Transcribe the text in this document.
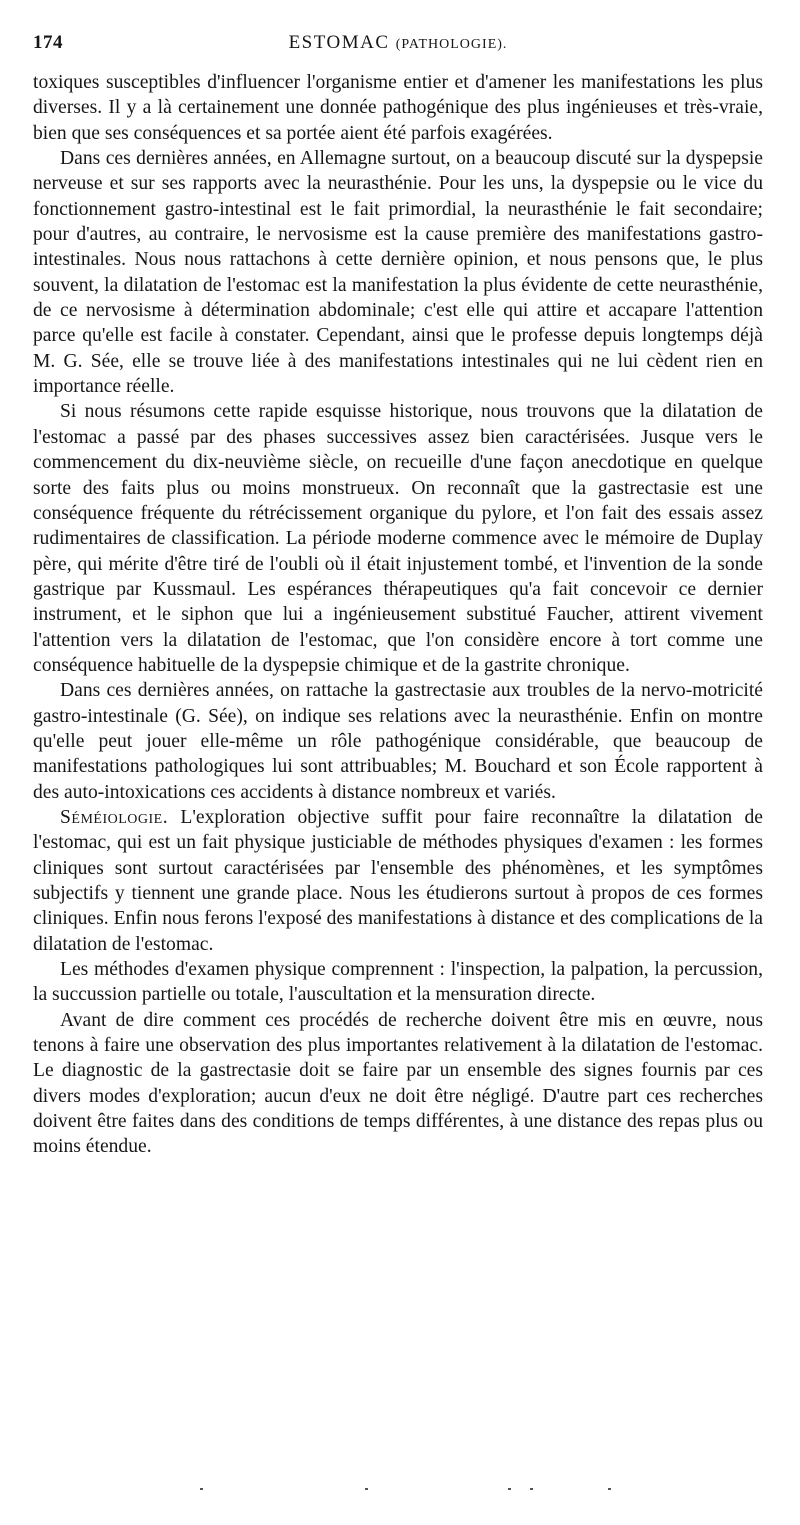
174	ESTOMAC (PATHOLOGIE).

toxiques susceptibles d'influencer l'organisme entier et d'amener les manifestations les plus diverses. Il y a là certainement une donnée pathogénique des plus ingénieuses et très-vraie, bien que ses conséquences et sa portée aient été parfois exagérées.

Dans ces dernières années, en Allemagne surtout, on a beaucoup discuté sur la dyspepsie nerveuse et sur ses rapports avec la neurasthénie. Pour les uns, la dyspepsie ou le vice du fonctionnement gastro-intestinal est le fait primordial, la neurasthénie le fait secondaire; pour d'autres, au contraire, le nervosisme est la cause première des manifestations gastro-intestinales. Nous nous rattachons à cette dernière opinion, et nous pensons que, le plus souvent, la dilatation de l'estomac est la manifestation la plus évidente de cette neurasthénie, de ce nervosisme à détermination abdominale; c'est elle qui attire et accapare l'attention parce qu'elle est facile à constater. Cependant, ainsi que le professe depuis longtemps déjà M. G. Sée, elle se trouve liée à des manifestations intestinales qui ne lui cèdent rien en importance réelle.

Si nous résumons cette rapide esquisse historique, nous trouvons que la dilatation de l'estomac a passé par des phases successives assez bien caractérisées. Jusque vers le commencement du dix-neuvième siècle, on recueille d'une façon anecdotique en quelque sorte des faits plus ou moins monstrueux. On reconnaît que la gastrectasie est une conséquence fréquente du rétrécissement organique du pylore, et l'on fait des essais assez rudimentaires de classification. La période moderne commence avec le mémoire de Duplay père, qui mérite d'être tiré de l'oubli où il était injustement tombé, et l'invention de la sonde gastrique par Kussmaul. Les espérances thérapeutiques qu'a fait concevoir ce dernier instrument, et le siphon que lui a ingénieusement substitué Faucher, attirent vivement l'attention vers la dilatation de l'estomac, que l'on considère encore à tort comme une conséquence habituelle de la dyspepsie chimique et de la gastrite chronique.

Dans ces dernières années, on rattache la gastrectasie aux troubles de la nervo-motricité gastro-intestinale (G. Sée), on indique ses relations avec la neurasthénie. Enfin on montre qu'elle peut jouer elle-même un rôle pathogénique considérable, que beaucoup de manifestations pathologiques lui sont attribuables; M. Bouchard et son École rapportent à des auto-intoxications ces accidents à distance nombreux et variés.

Séméiologie. L'exploration objective suffit pour faire reconnaître la dilatation de l'estomac, qui est un fait physique justiciable de méthodes physiques d'examen : les formes cliniques sont surtout caractérisées par l'ensemble des phénomènes, et les symptômes subjectifs y tiennent une grande place. Nous les étudierons surtout à propos de ces formes cliniques. Enfin nous ferons l'exposé des manifestations à distance et des complications de la dilatation de l'estomac.

Les méthodes d'examen physique comprennent : l'inspection, la palpation, la percussion, la succussion partielle ou totale, l'auscultation et la mensuration directe.

Avant de dire comment ces procédés de recherche doivent être mis en œuvre, nous tenons à faire une observation des plus importantes relativement à la dilatation de l'estomac. Le diagnostic de la gastrectasie doit se faire par un ensemble des signes fournis par ces divers modes d'exploration; aucun d'eux ne doit être négligé. D'autre part ces recherches doivent être faites dans des conditions de temps différentes, à une distance des repas plus ou moins étendue.
